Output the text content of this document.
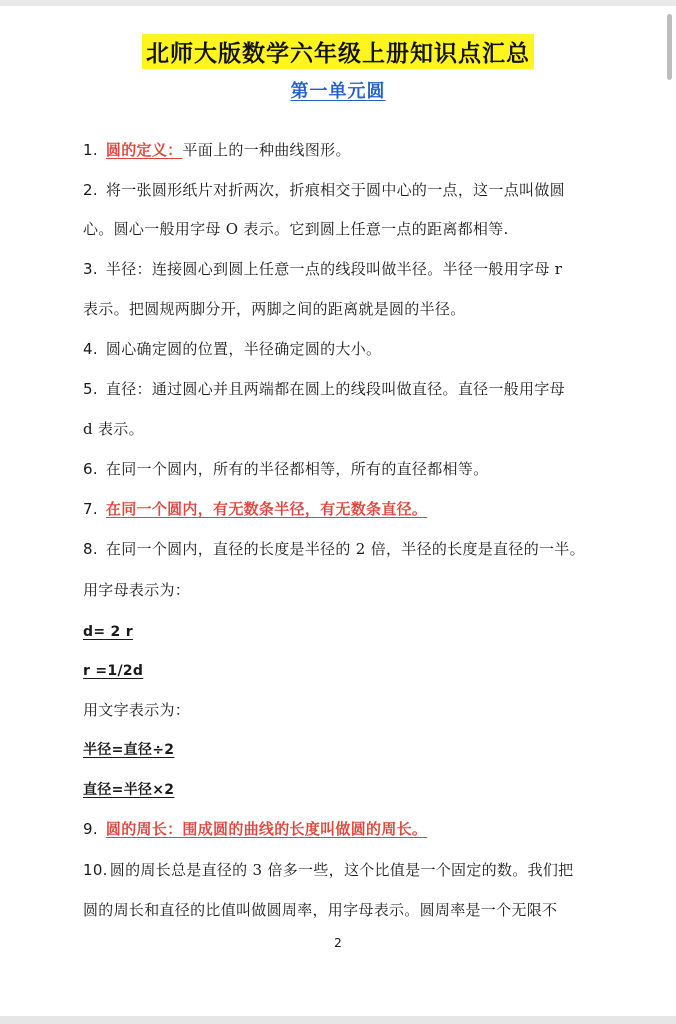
北师大版数学六年级上册知识点汇总
第一单元圆
1. 圆的定义：平面上的一种曲线图形。
2. 将一张圆形纸片对折两次，折痕相交于圆中心的一点，这一点叫做圆
心。圆心一般用字母 O 表示。它到圆上任意一点的距离都相等.
3. 半径：连接圆心到圆上任意一点的线段叫做半径。半径一般用字母 r
表示。把圆规两脚分开，两脚之间的距离就是圆的半径。
4. 圆心确定圆的位置，半径确定圆的大小。
5. 直径：通过圆心并且两端都在圆上的线段叫做直径。直径一般用字母
d 表示。
6. 在同一个圆内，所有的半径都相等，所有的直径都相等。
7. 在同一个圆内，有无数条半径，有无数条直径。
8. 在同一个圆内，直径的长度是半径的 2 倍，半径的长度是直径的一半。
用字母表示为：
d= 2 r
r =1/2d
用文字表示为：
半径=直径÷2
直径=半径×2
9. 圆的周长：围成圆的曲线的长度叫做圆的周长。
10. 圆的周长总是直径的 3 倍多一些，这个比值是一个固定的数。我们把
圆的周长和直径的比值叫做圆周率，用字母表示。圆周率是一个无限不
2
